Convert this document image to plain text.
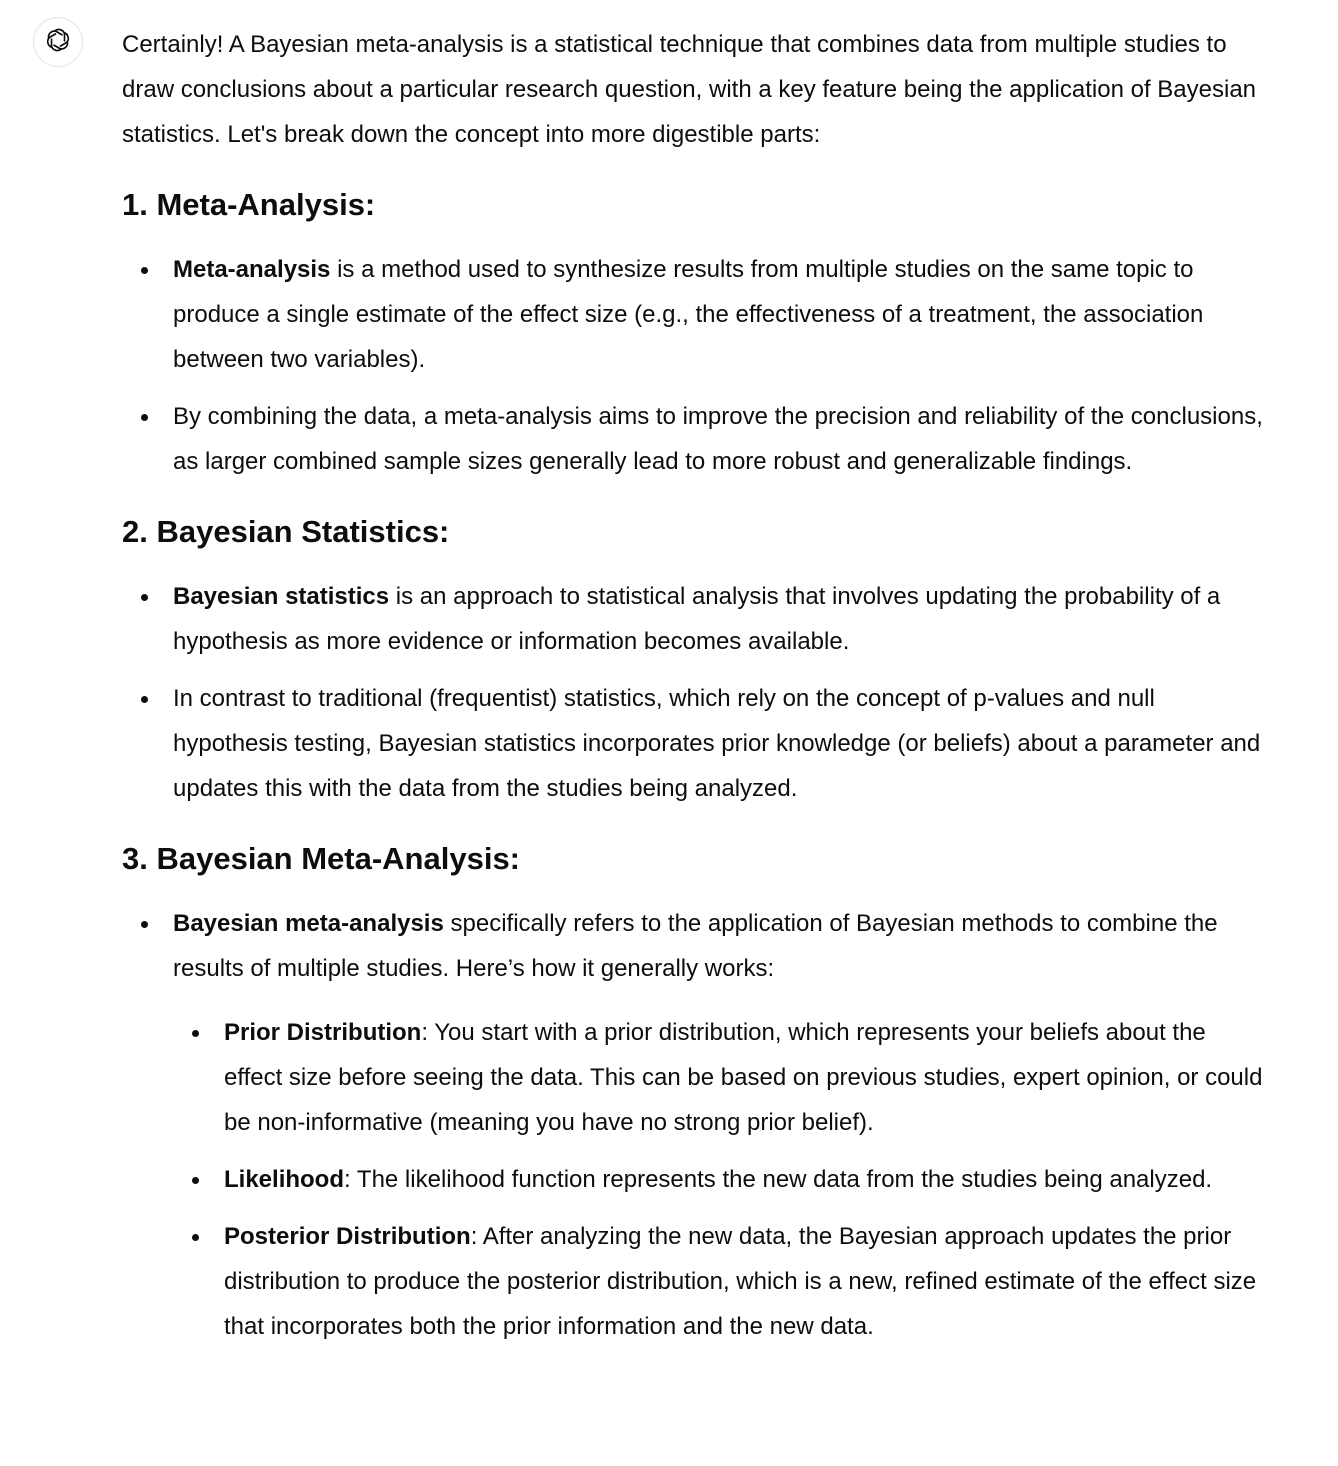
Certainly! A Bayesian meta-analysis is a statistical technique that combines data from multiple studies to draw conclusions about a particular research question, with a key feature being the application of Bayesian statistics. Let's break down the concept into more digestible parts:

1. Meta-Analysis:
Meta-analysis is a method used to synthesize results from multiple studies on the same topic to produce a single estimate of the effect size (e.g., the effectiveness of a treatment, the association between two variables).
By combining the data, a meta-analysis aims to improve the precision and reliability of the conclusions, as larger combined sample sizes generally lead to more robust and generalizable findings.
2. Bayesian Statistics:
Bayesian statistics is an approach to statistical analysis that involves updating the probability of a hypothesis as more evidence or information becomes available.
In contrast to traditional (frequentist) statistics, which rely on the concept of p-values and null hypothesis testing, Bayesian statistics incorporates prior knowledge (or beliefs) about a parameter and updates this with the data from the studies being analyzed.
3. Bayesian Meta-Analysis:
Bayesian meta-analysis specifically refers to the application of Bayesian methods to combine the results of multiple studies. Here’s how it generally works:
Prior Distribution: You start with a prior distribution, which represents your beliefs about the effect size before seeing the data. This can be based on previous studies, expert opinion, or could be non-informative (meaning you have no strong prior belief).
Likelihood: The likelihood function represents the new data from the studies being analyzed.
Posterior Distribution: After analyzing the new data, the Bayesian approach updates the prior distribution to produce the posterior distribution, which is a new, refined estimate of the effect size that incorporates both the prior information and the new data.
